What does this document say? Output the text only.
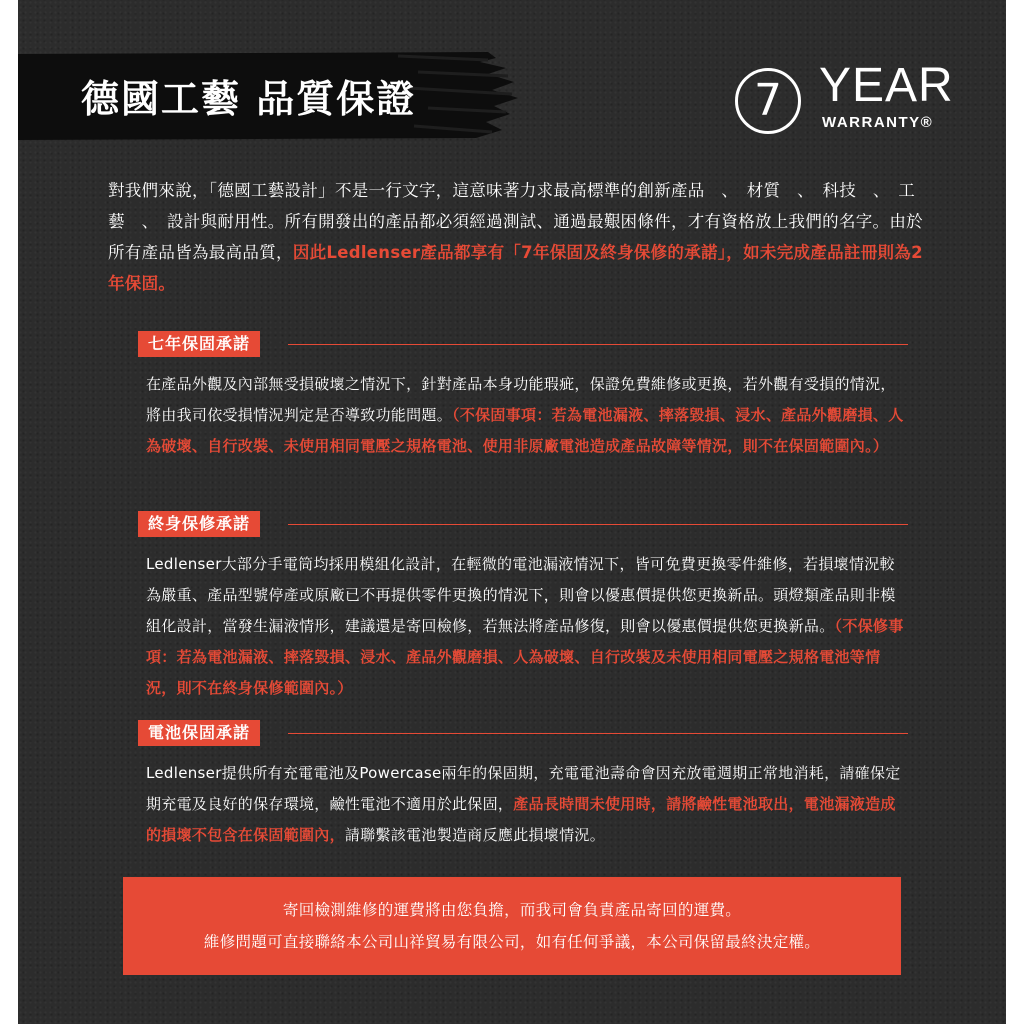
德國工藝 品質保證	7 YEAR
WARRANTY®
對我們來說，「德國工藝設計」不是一行文字，這意味著力求最高標準的創新產品　、　材質　、　科技　、　工藝　、　設計與耐用性。所有開發出的產品都必須經過測試、通過最艱困條件，才有資格放上我們的名字。由於所有產品皆為最高品質，因此Ledlenser產品都享有「7年保固及終身保修的承諾」，如未完成產品註冊則為2年保固。
七年保固承諾
在產品外觀及內部無受損破壞之情況下，針對產品本身功能瑕疵，保證免費維修或更換，若外觀有受損的情況，將由我司依受損情況判定是否導致功能問題。（不保固事項：若為電池漏液、摔落毀損、浸水、產品外觀磨損、人為破壞、自行改裝、未使用相同電壓之規格電池、使用非原廠電池造成產品故障等情況，則不在保固範圍內。）
終身保修承諾
Ledlenser大部分手電筒均採用模組化設計，在輕微的電池漏液情況下，皆可免費更換零件維修，若損壞情況較為嚴重、產品型號停產或原廠已不再提供零件更換的情況下，則會以優惠價提供您更換新品。頭燈類產品則非模組化設計，當發生漏液情形，建議還是寄回檢修，若無法將產品修復，則會以優惠價提供您更換新品。（不保修事項：若為電池漏液、摔落毀損、浸水、產品外觀磨損、人為破壞、自行改裝及未使用相同電壓之規格電池等情況，則不在終身保修範圍內。）
電池保固承諾
Ledlenser提供所有充電電池及Powercase兩年的保固期，充電電池壽命會因充放電週期正常地消耗，請確保定期充電及良好的保存環境，鹼性電池不適用於此保固，產品長時間未使用時，請將鹼性電池取出，電池漏液造成的損壞不包含在保固範圍內，請聯繫該電池製造商反應此損壞情況。
寄回檢測維修的運費將由您負擔，而我司會負責產品寄回的運費。
維修問題可直接聯絡本公司山祥貿易有限公司，如有任何爭議，本公司保留最終決定權。
